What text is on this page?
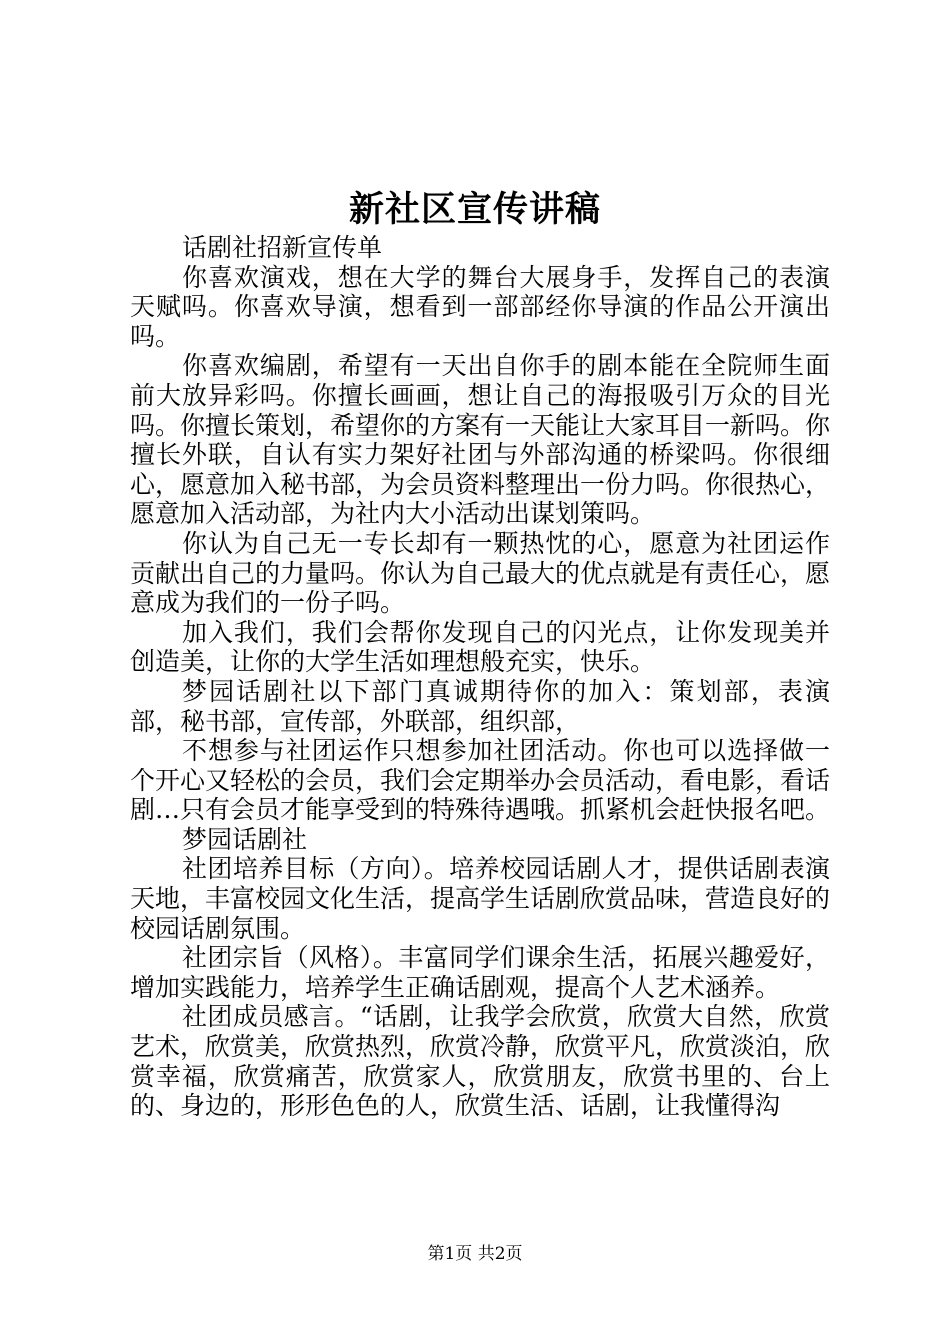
新社区宣传讲稿

话剧社招新宣传单

你喜欢演戏，想在大学的舞台大展身手，发挥自己的表演天赋吗。你喜欢导演，想看到一部部经你导演的作品公开演出吗。

你喜欢编剧，希望有一天出自你手的剧本能在全院师生面前大放异彩吗。你擅长画画，想让自己的海报吸引万众的目光吗。你擅长策划，希望你的方案有一天能让大家耳目一新吗。你擅长外联，自认有实力架好社团与外部沟通的桥梁吗。你很细心，愿意加入秘书部，为会员资料整理出一份力吗。你很热心，愿意加入活动部，为社内大小活动出谋划策吗。

你认为自己无一专长却有一颗热忱的心，愿意为社团运作贡献出自己的力量吗。你认为自己最大的优点就是有责任心，愿意成为我们的一份子吗。

加入我们，我们会帮你发现自己的闪光点，让你发现美并创造美，让你的大学生活如理想般充实，快乐。

梦园话剧社以下部门真诚期待你的加入：策划部，表演部，秘书部，宣传部，外联部，组织部，

不想参与社团运作只想参加社团活动。你也可以选择做一个开心又轻松的会员，我们会定期举办会员活动，看电影，看话剧…只有会员才能享受到的特殊待遇哦。抓紧机会赶快报名吧。

梦园话剧社

社团培养目标（方向）。培养校园话剧人才，提供话剧表演天地，丰富校园文化生活，提高学生话剧欣赏品味，营造良好的校园话剧氛围。

社团宗旨（风格）。丰富同学们课余生活，拓展兴趣爱好，增加实践能力，培养学生正确话剧观，提高个人艺术涵养。

社团成员感言。“话剧，让我学会欣赏，欣赏大自然，欣赏艺术，欣赏美，欣赏热烈，欣赏冷静，欣赏平凡，欣赏淡泊，欣赏幸福，欣赏痛苦，欣赏家人，欣赏朋友，欣赏书里的、台上的、身边的，形形色色的人，欣赏生活、话剧，让我懂得沟

第1页 共2页
